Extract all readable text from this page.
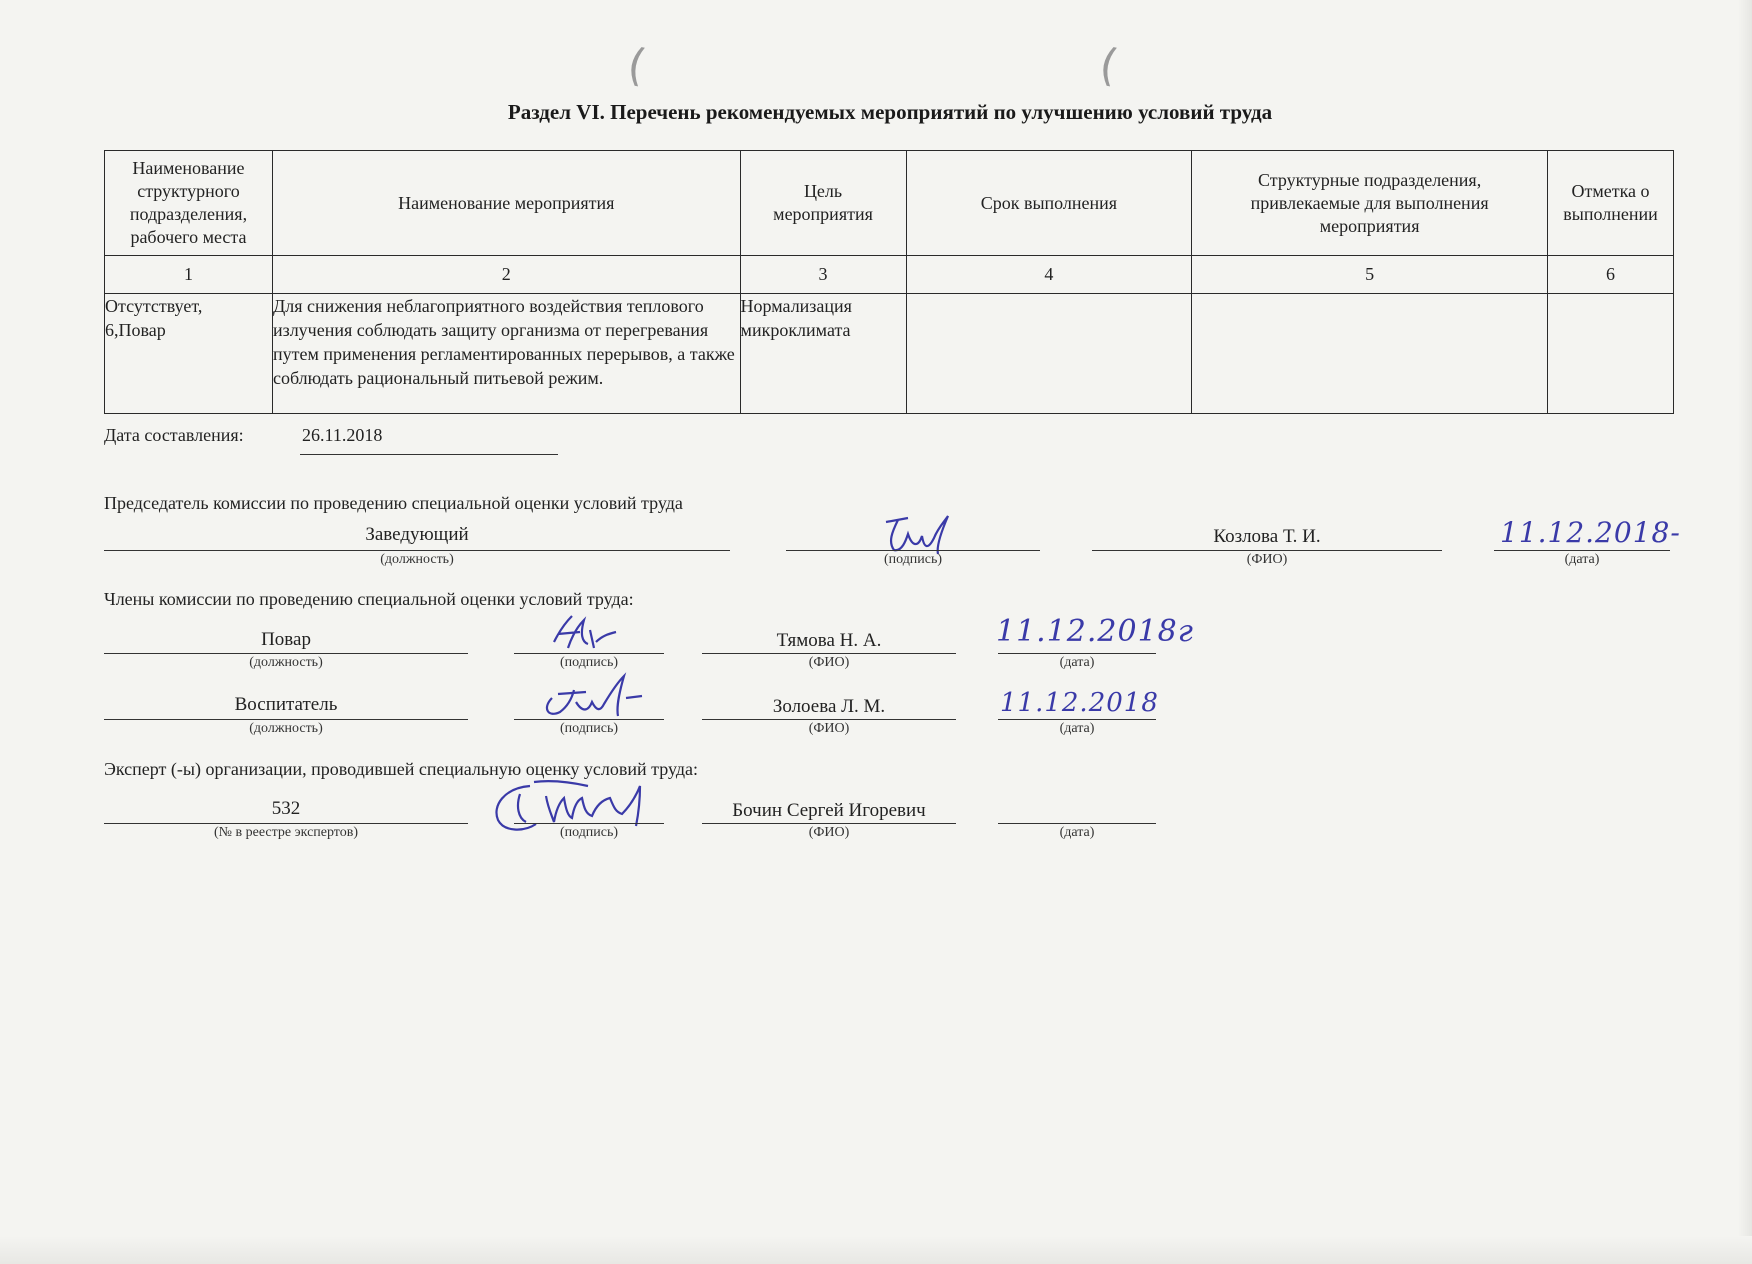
(	(
Раздел VI. Перечень рекомендуемых мероприятий по улучшению условий труда
Наименование структурного подразделения, рабочего места	Наименование мероприятия	Цель мероприятия	Срок выполнения	Структурные подразделения, привлекаемые для выполнения мероприятия	Отметка о выполнении
1	2	3	4	5	6
Отсутствует, 6,Повар	Для снижения неблагоприятного воздействия теплового излучения соблюдать защиту организма от перегревания путем применения регламентированных перерывов, а также соблюдать рациональный питьевой режим.	Нормализация микроклимата			
Дата составления:	26.11.2018
Председатель комиссии по проведению специальной оценки условий труда
Заведующий
(должность)	(подпись)
Козлова Т. И.
(ФИО)
11.12.2018-
(дата)
Члены комиссии по проведению специальной оценки условий труда:
Повар
(должность)	(подпись)
Тямова Н. А.
(ФИО)
11.12.2018г
(дата)
Воспитатель
(должность)	(подпись)
Золоева Л. М.
(ФИО)
11.12.2018
(дата)
Эксперт (-ы) организации, проводившей специальную оценку условий труда:
532
(№ в реестре экспертов)	(подпись)
Бочин Сергей Игоревич
(ФИО)	(дата)
